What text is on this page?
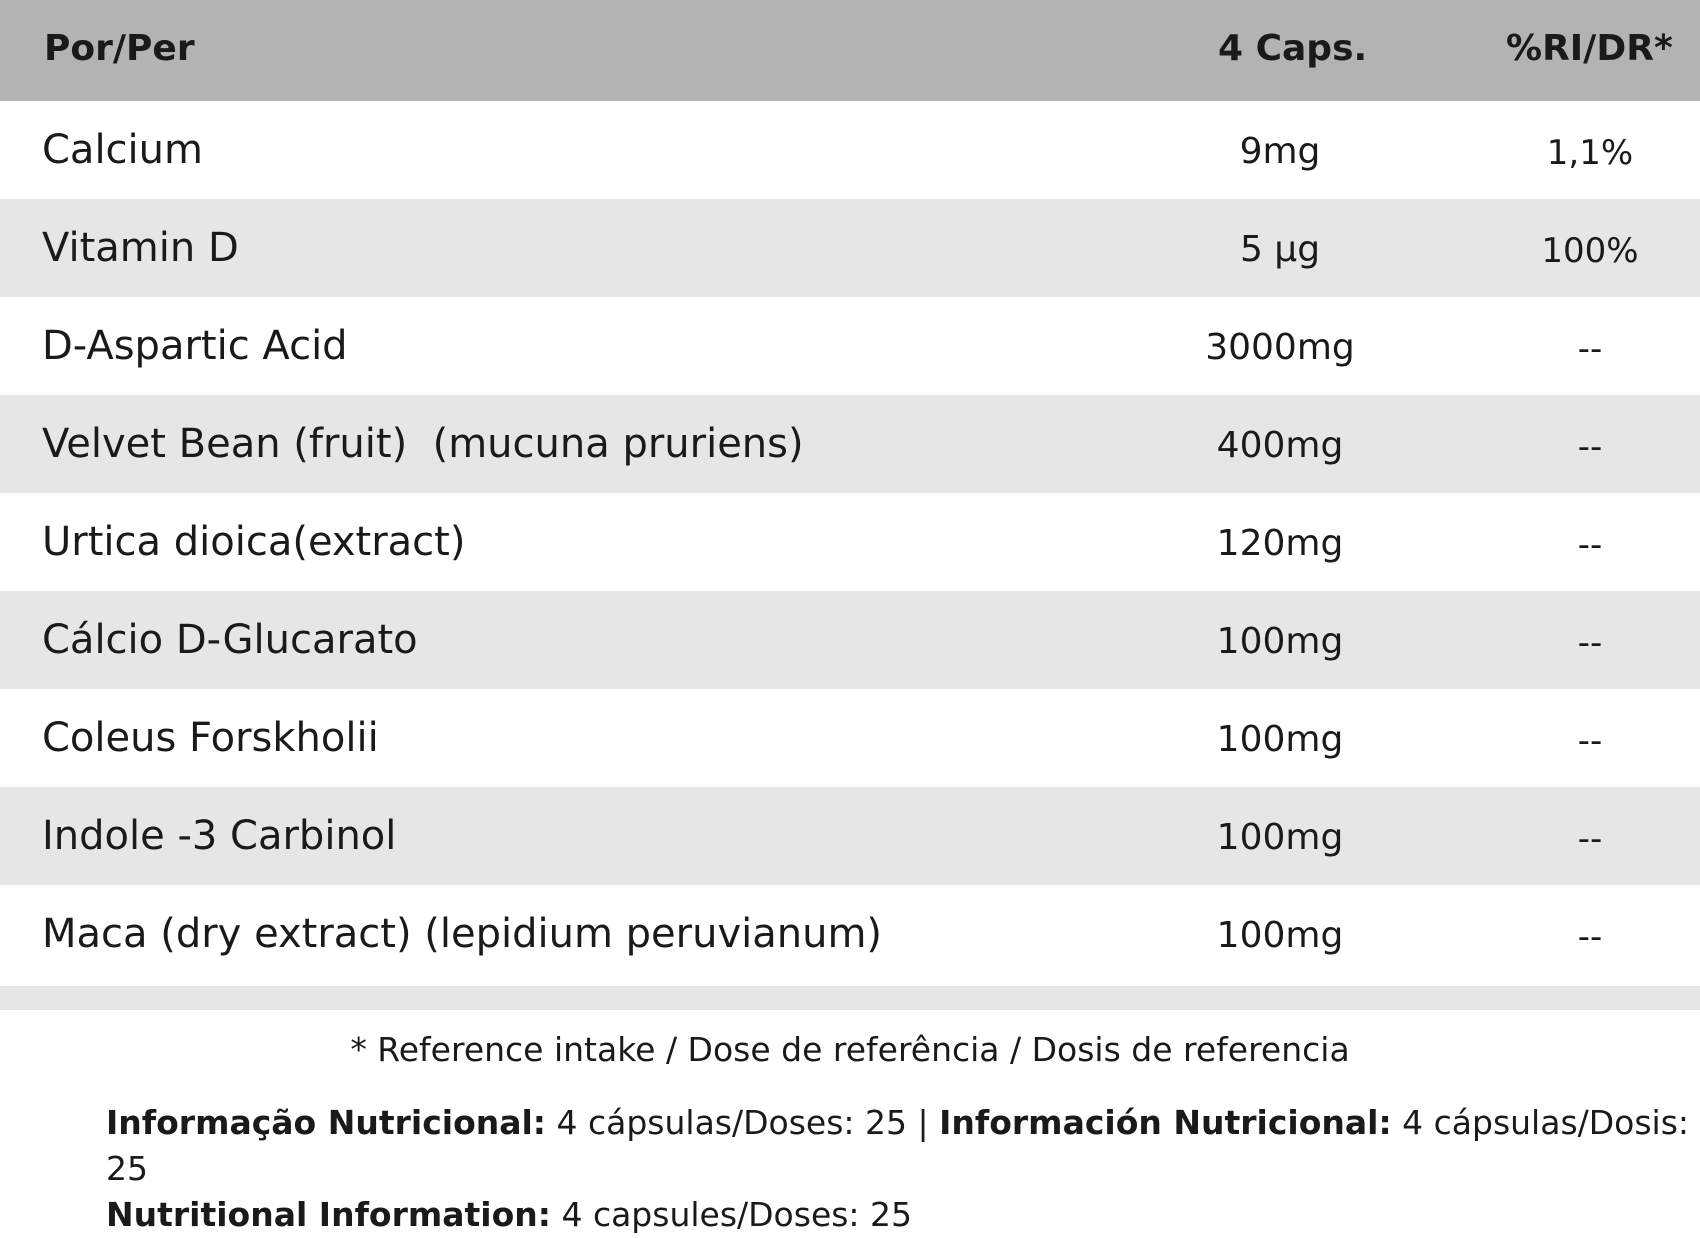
Por/Per	4 Caps.	%RI/DR*
Calcium	9mg	1,1%
Vitamin D	5 µg	100%
D-Aspartic Acid	3000mg	--
Velvet Bean (fruit)  (mucuna pruriens)	400mg	--
Urtica dioica(extract)	120mg	--
Cálcio D-Glucarato	100mg	--
Coleus Forskholii	100mg	--
Indole -3 Carbinol	100mg	--
Maca (dry extract) (lepidium peruvianum)	100mg	--
* Reference intake / Dose de referência / Dosis de referencia
Informação Nutricional: 4 cápsulas/Doses: 25 | Información Nutricional: 4 cápsulas/Dosis: 25
Nutritional Information: 4 capsules/Doses: 25
